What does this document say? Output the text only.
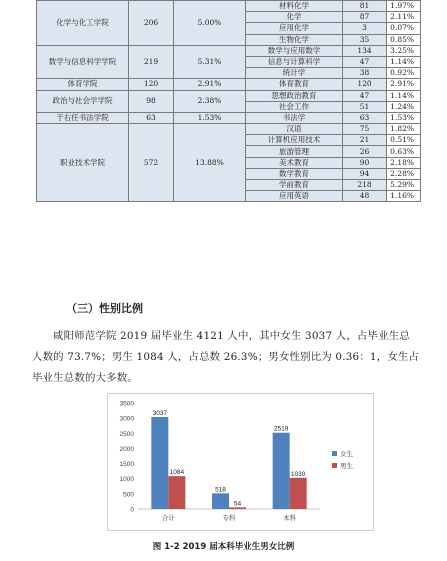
化学与化工学院	206	5.00%	材料化学	81	1.97%
			化学	87	2.11%
			应用化学	3	0.07%
			生物化学	35	0.85%
数学与信息科学学院	219	5.31%	数学与应用数学	134	3.25%
			信息与计算科学	47	1.14%
			统计学	38	0.92%
体育学院	120	2.91%	体育教育	120	2.91%
政治与社会学学院	98	2.38%	思想政治教育	47	1.14%
			社会工作	51	1.24%
于右任书法学院	63	1.53%	书法学	63	1.53%
职业技术学院	572	13.88%	汉语	75	1.82%
			计算机应用技术	21	0.51%
			旅游管理	26	0.63%
			美术教育	90	2.18%
			数学教育	94	2.28%
			学前教育	218	5.29%
			应用英语	48	1.16%
（三）性别比例
咸阳师范学院 2019 届毕业生 4121 人中，其中女生 3037 人，占毕业生总人数的 73.7%；男生 1084 人，占总数 26.3%；男女性别比为 0.36：1，女生占毕业生总数的大多数。
0
500
1000
1500
2000
2500
3000
3500
3037
1084
合计
518
54
专科
2519
1030
本科
女生
男生
图 1-2 2019 届本科毕业生男女比例
